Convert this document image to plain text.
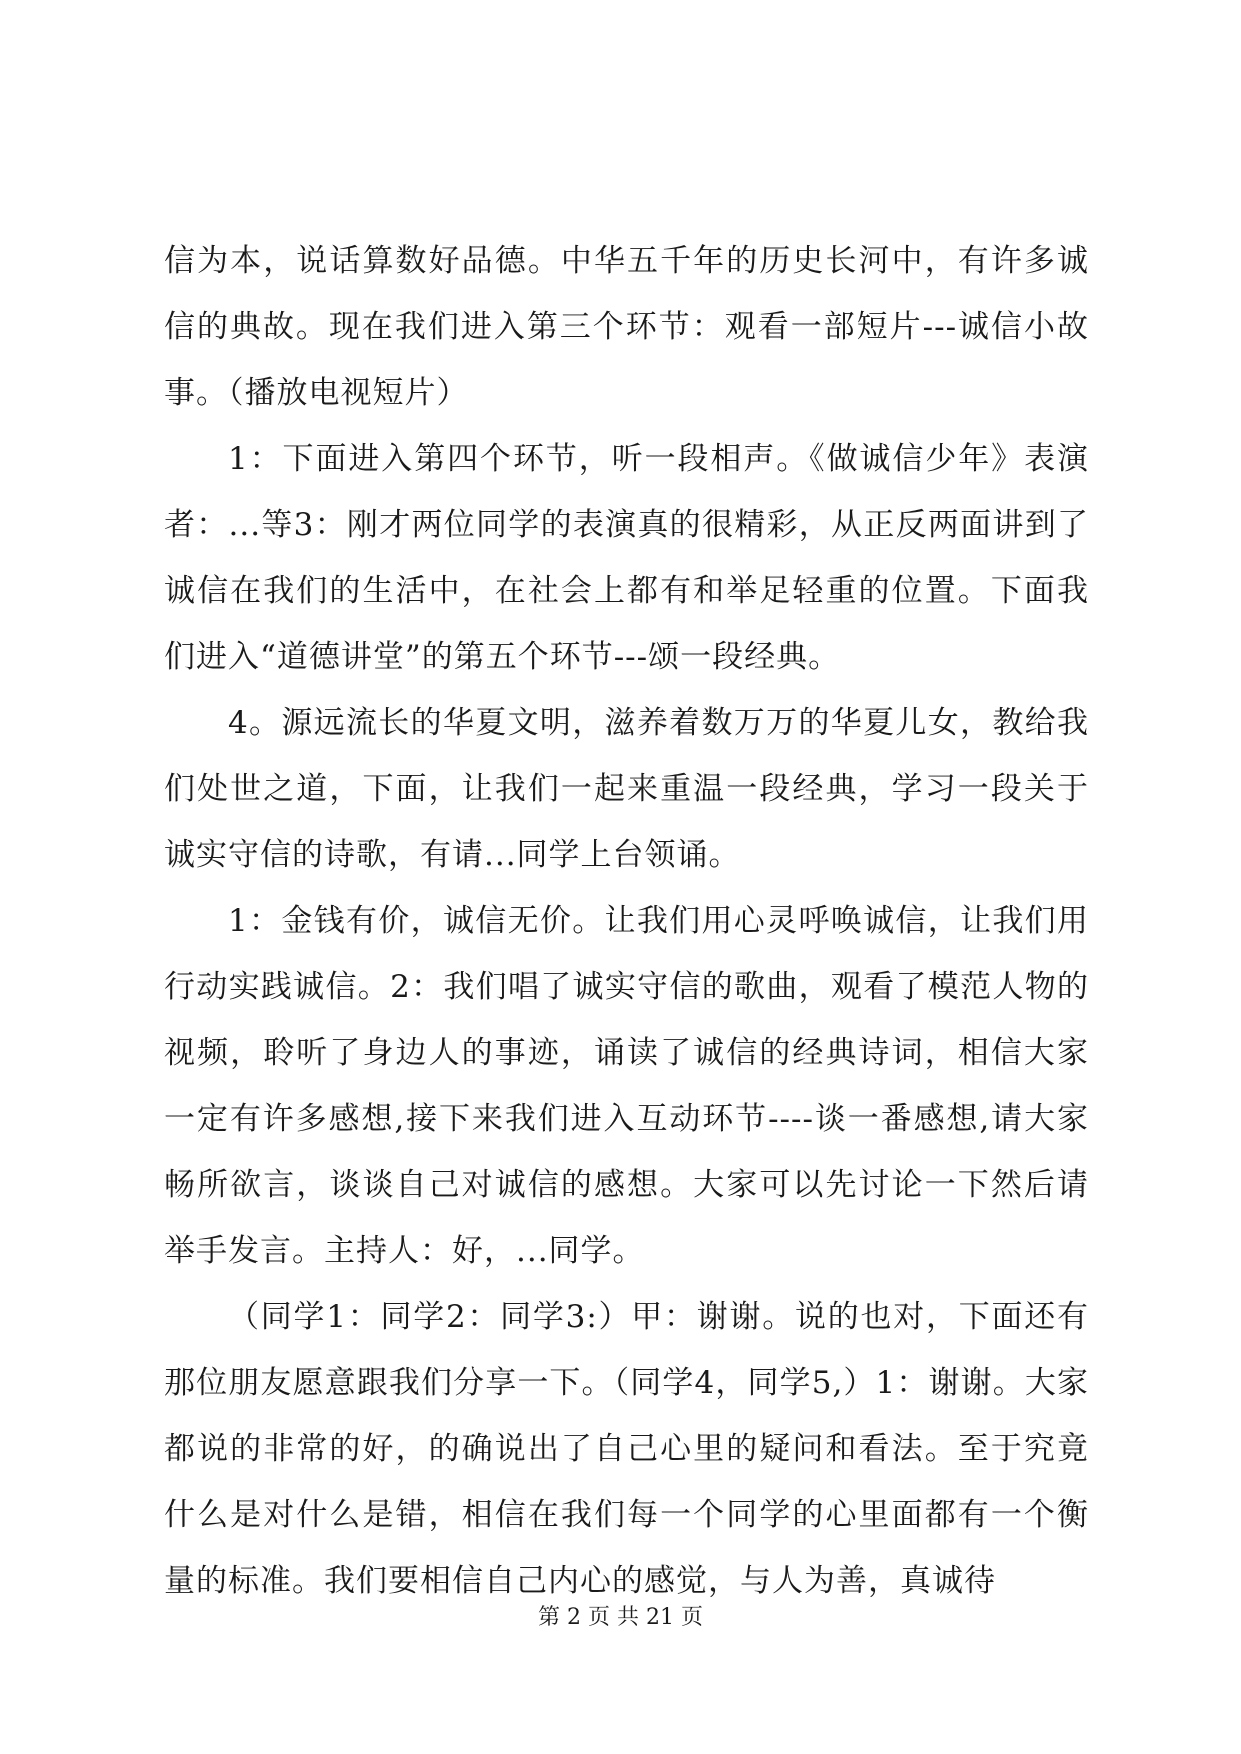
信为本，说话算数好品德。中华五千年的历史长河中，有许多诚信的典故。现在我们进入第三个环节：观看一部短片---诚信小故事。（播放电视短片）

1：下面进入第四个环节，听一段相声。《做诚信少年》表演者：...等3：刚才两位同学的表演真的很精彩，从正反两面讲到了诚信在我们的生活中，在社会上都有和举足轻重的位置。下面我们进入“道德讲堂”的第五个环节---颂一段经典。

4。源远流长的华夏文明，滋养着数万万的华夏儿女，教给我们处世之道，下面，让我们一起来重温一段经典，学习一段关于诚实守信的诗歌，有请...同学上台领诵。

1：金钱有价，诚信无价。让我们用心灵呼唤诚信，让我们用行动实践诚信。2：我们唱了诚实守信的歌曲，观看了模范人物的视频，聆听了身边人的事迹，诵读了诚信的经典诗词，相信大家一定有许多感想,接下来我们进入互动环节----谈一番感想,请大家畅所欲言，谈谈自己对诚信的感想。大家可以先讨论一下然后请举手发言。主持人：好，...同学。

（同学1：同学2：同学3:）甲：谢谢。说的也对，下面还有那位朋友愿意跟我们分享一下。（同学4，同学5,）1：谢谢。大家都说的非常的好，的确说出了自己心里的疑问和看法。至于究竟什么是对什么是错，相信在我们每一个同学的心里面都有一个衡量的标准。我们要相信自己内心的感觉，与人为善，真诚待

第 2 页 共 21 页
